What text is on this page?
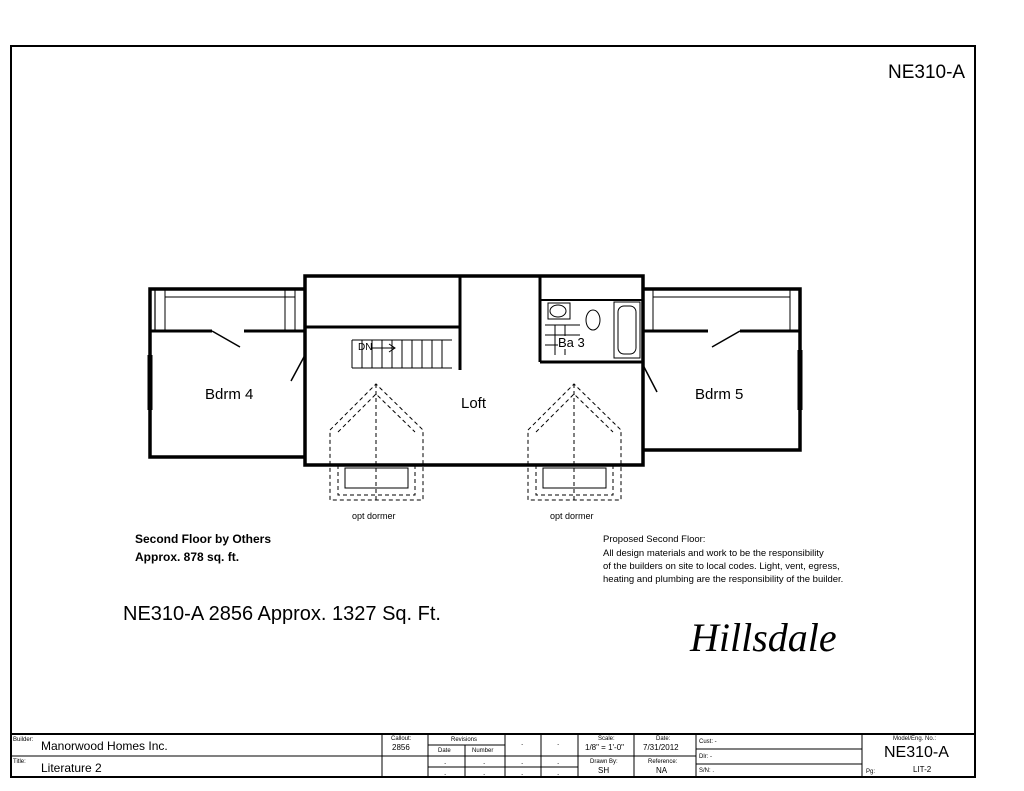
NE310-A
Bdrm 4	Bdrm 5
Loft
Ba 3
DN
opt dormer	opt dormer
Second Floor by Others
Approx. 878 sq. ft.
Proposed Second Floor:
All design materials and work to be the responsibility
of the builders on site to local codes. Light, vent, egress,
heating and plumbing are the responsibility of the builder.
NE310-A 2856 Approx. 1327 Sq. Ft.
Hillsdale
Builder: Manorwood Homes Inc.
Title: Literature 2
Callout:
2856
Revisions
Date	Number
.	.
.	.
.	.
.	.	.	.
Scale:
1/8" = 1'-0"
Drawn By:
SH
Date:
7/31/2012
Reference:
NA
Cust: -
Dlr: -
S/N: .
Model/Eng. No.:
NE310-A
Pg:	LIT-2
